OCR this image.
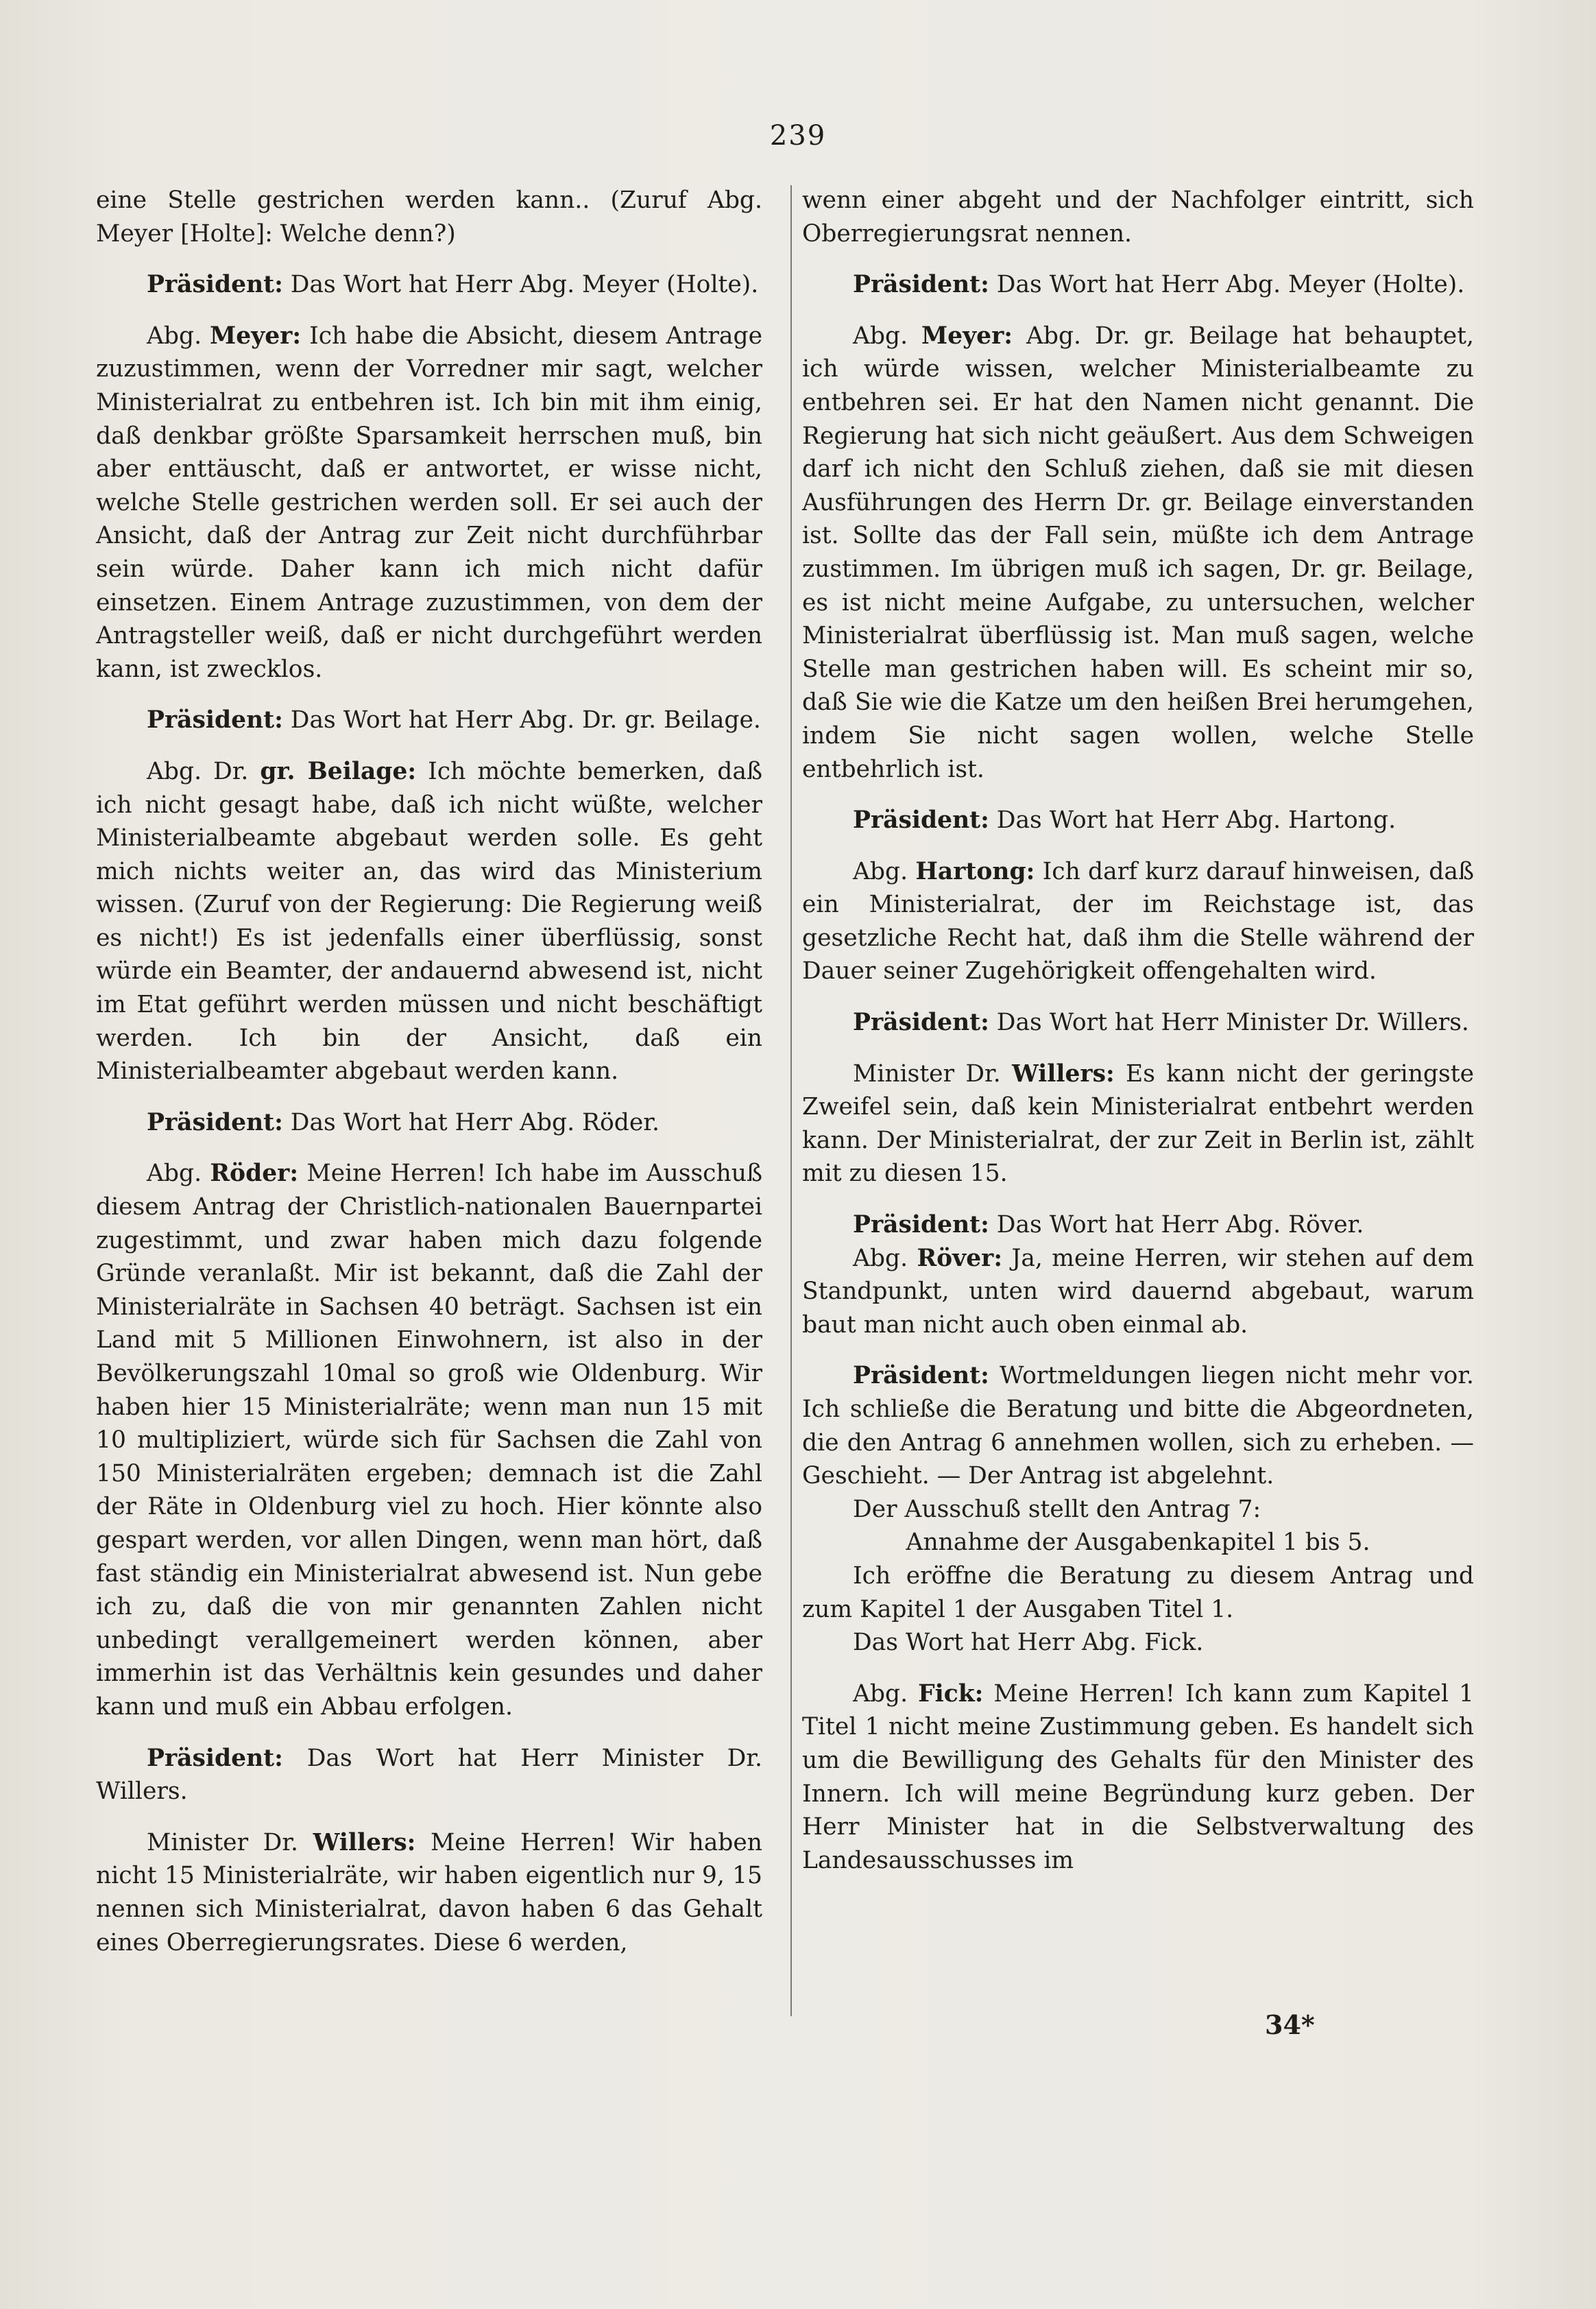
239

eine Stelle gestrichen werden kann.. (Zuruf Abg. Meyer [Holte]: Welche denn?)

Präsident: Das Wort hat Herr Abg. Meyer (Holte).

Abg. Meyer: Ich habe die Absicht, diesem Antrage zuzustimmen, wenn der Vorredner mir sagt, welcher Ministerialrat zu entbehren ist. Ich bin mit ihm einig, daß denkbar größte Sparsamkeit herrschen muß, bin aber enttäuscht, daß er antwortet, er wisse nicht, welche Stelle gestrichen werden soll. Er sei auch der Ansicht, daß der Antrag zur Zeit nicht durchführbar sein würde. Daher kann ich mich nicht dafür einsetzen. Einem Antrage zuzustimmen, von dem der Antragsteller weiß, daß er nicht durchgeführt werden kann, ist zwecklos.

Präsident: Das Wort hat Herr Abg. Dr. gr. Beilage.

Abg. Dr. gr. Beilage: Ich möchte bemerken, daß ich nicht gesagt habe, daß ich nicht wüßte, welcher Ministerialbeamte abgebaut werden solle. Es geht mich nichts weiter an, das wird das Ministerium wissen. (Zuruf von der Regierung: Die Regierung weiß es nicht!) Es ist jedenfalls einer überflüssig, sonst würde ein Beamter, der andauernd abwesend ist, nicht im Etat geführt werden müssen und nicht beschäftigt werden. Ich bin der Ansicht, daß ein Ministerialbeamter abgebaut werden kann.

Präsident: Das Wort hat Herr Abg. Röder.

Abg. Röder: Meine Herren! Ich habe im Ausschuß diesem Antrag der Christlich-nationalen Bauernpartei zugestimmt, und zwar haben mich dazu folgende Gründe veranlaßt. Mir ist bekannt, daß die Zahl der Ministerialräte in Sachsen 40 beträgt. Sachsen ist ein Land mit 5 Millionen Einwohnern, ist also in der Bevölkerungszahl 10mal so groß wie Oldenburg. Wir haben hier 15 Ministerialräte; wenn man nun 15 mit 10 multipliziert, würde sich für Sachsen die Zahl von 150 Ministerialräten ergeben; demnach ist die Zahl der Räte in Oldenburg viel zu hoch. Hier könnte also gespart werden, vor allen Dingen, wenn man hört, daß fast ständig ein Ministerialrat abwesend ist. Nun gebe ich zu, daß die von mir genannten Zahlen nicht unbedingt verallgemeinert werden können, aber immerhin ist das Verhältnis kein gesundes und daher kann und muß ein Abbau erfolgen.

Präsident: Das Wort hat Herr Minister Dr. Willers.

Minister Dr. Willers: Meine Herren! Wir haben nicht 15 Ministerialräte, wir haben eigentlich nur 9, 15 nennen sich Ministerialrat, davon haben 6 das Gehalt eines Oberregierungsrates. Diese 6 werden,

wenn einer abgeht und der Nachfolger eintritt, sich Oberregierungsrat nennen.

Präsident: Das Wort hat Herr Abg. Meyer (Holte).

Abg. Meyer: Abg. Dr. gr. Beilage hat behauptet, ich würde wissen, welcher Ministerialbeamte zu entbehren sei. Er hat den Namen nicht genannt. Die Regierung hat sich nicht geäußert. Aus dem Schweigen darf ich nicht den Schluß ziehen, daß sie mit diesen Ausführungen des Herrn Dr. gr. Beilage einverstanden ist. Sollte das der Fall sein, müßte ich dem Antrage zustimmen. Im übrigen muß ich sagen, Dr. gr. Beilage, es ist nicht meine Aufgabe, zu untersuchen, welcher Ministerialrat überflüssig ist. Man muß sagen, welche Stelle man gestrichen haben will. Es scheint mir so, daß Sie wie die Katze um den heißen Brei herumgehen, indem Sie nicht sagen wollen, welche Stelle entbehrlich ist.

Präsident: Das Wort hat Herr Abg. Hartong.

Abg. Hartong: Ich darf kurz darauf hinweisen, daß ein Ministerialrat, der im Reichstage ist, das gesetzliche Recht hat, daß ihm die Stelle während der Dauer seiner Zugehörigkeit offengehalten wird.

Präsident: Das Wort hat Herr Minister Dr. Willers.

Minister Dr. Willers: Es kann nicht der geringste Zweifel sein, daß kein Ministerialrat entbehrt werden kann. Der Ministerialrat, der zur Zeit in Berlin ist, zählt mit zu diesen 15.

Präsident: Das Wort hat Herr Abg. Röver.

Abg. Röver: Ja, meine Herren, wir stehen auf dem Standpunkt, unten wird dauernd abgebaut, warum baut man nicht auch oben einmal ab.

Präsident: Wortmeldungen liegen nicht mehr vor. Ich schließe die Beratung und bitte die Abgeordneten, die den Antrag 6 annehmen wollen, sich zu erheben. — Geschieht. — Der Antrag ist abgelehnt.

Der Ausschuß stellt den Antrag 7:

Annahme der Ausgabenkapitel 1 bis 5.

Ich eröffne die Beratung zu diesem Antrag und zum Kapitel 1 der Ausgaben Titel 1.

Das Wort hat Herr Abg. Fick.

Abg. Fick: Meine Herren! Ich kann zum Kapitel 1 Titel 1 nicht meine Zustimmung geben. Es handelt sich um die Bewilligung des Gehalts für den Minister des Innern. Ich will meine Begründung kurz geben. Der Herr Minister hat in die Selbstverwaltung des Landesausschusses im

34*
